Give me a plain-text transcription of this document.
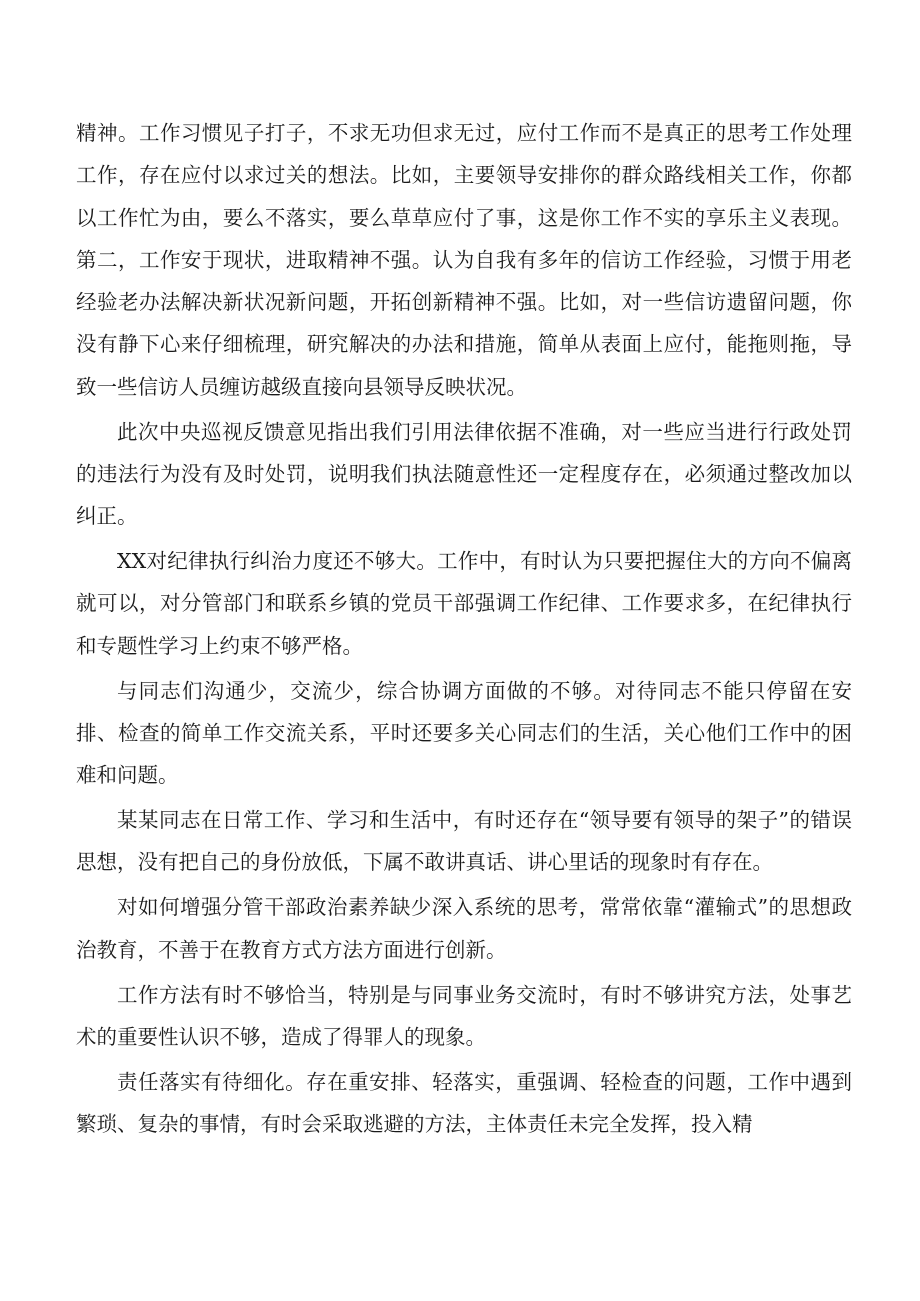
精神。工作习惯见子打子，不求无功但求无过，应付工作而不是真正的思考工作处理工作，存在应付以求过关的想法。比如，主要领导安排你的群众路线相关工作，你都以工作忙为由，要么不落实，要么草草应付了事，这是你工作不实的享乐主义表现。第二，工作安于现状，进取精神不强。认为自我有多年的信访工作经验，习惯于用老经验老办法解决新状况新问题，开拓创新精神不强。比如，对一些信访遗留问题，你没有静下心来仔细梳理，研究解决的办法和措施，简单从表面上应付，能拖则拖，导致一些信访人员缠访越级直接向县领导反映状况。

此次中央巡视反馈意见指出我们引用法律依据不准确，对一些应当进行行政处罚的违法行为没有及时处罚，说明我们执法随意性还一定程度存在，必须通过整改加以纠正。

XX对纪律执行纠治力度还不够大。工作中，有时认为只要把握住大的方向不偏离就可以，对分管部门和联系乡镇的党员干部强调工作纪律、工作要求多，在纪律执行和专题性学习上约束不够严格。

与同志们沟通少，交流少，综合协调方面做的不够。对待同志不能只停留在安排、检查的简单工作交流关系，平时还要多关心同志们的生活，关心他们工作中的困难和问题。

某某同志在日常工作、学习和生活中，有时还存在“领导要有领导的架子”的错误思想，没有把自己的身份放低，下属不敢讲真话、讲心里话的现象时有存在。

对如何增强分管干部政治素养缺少深入系统的思考，常常依靠“灌输式”的思想政治教育，不善于在教育方式方法方面进行创新。

工作方法有时不够恰当，特别是与同事业务交流时，有时不够讲究方法，处事艺术的重要性认识不够，造成了得罪人的现象。

责任落实有待细化。存在重安排、轻落实，重强调、轻检查的问题，工作中遇到繁琐、复杂的事情，有时会采取逃避的方法，主体责任未完全发挥，投入精
